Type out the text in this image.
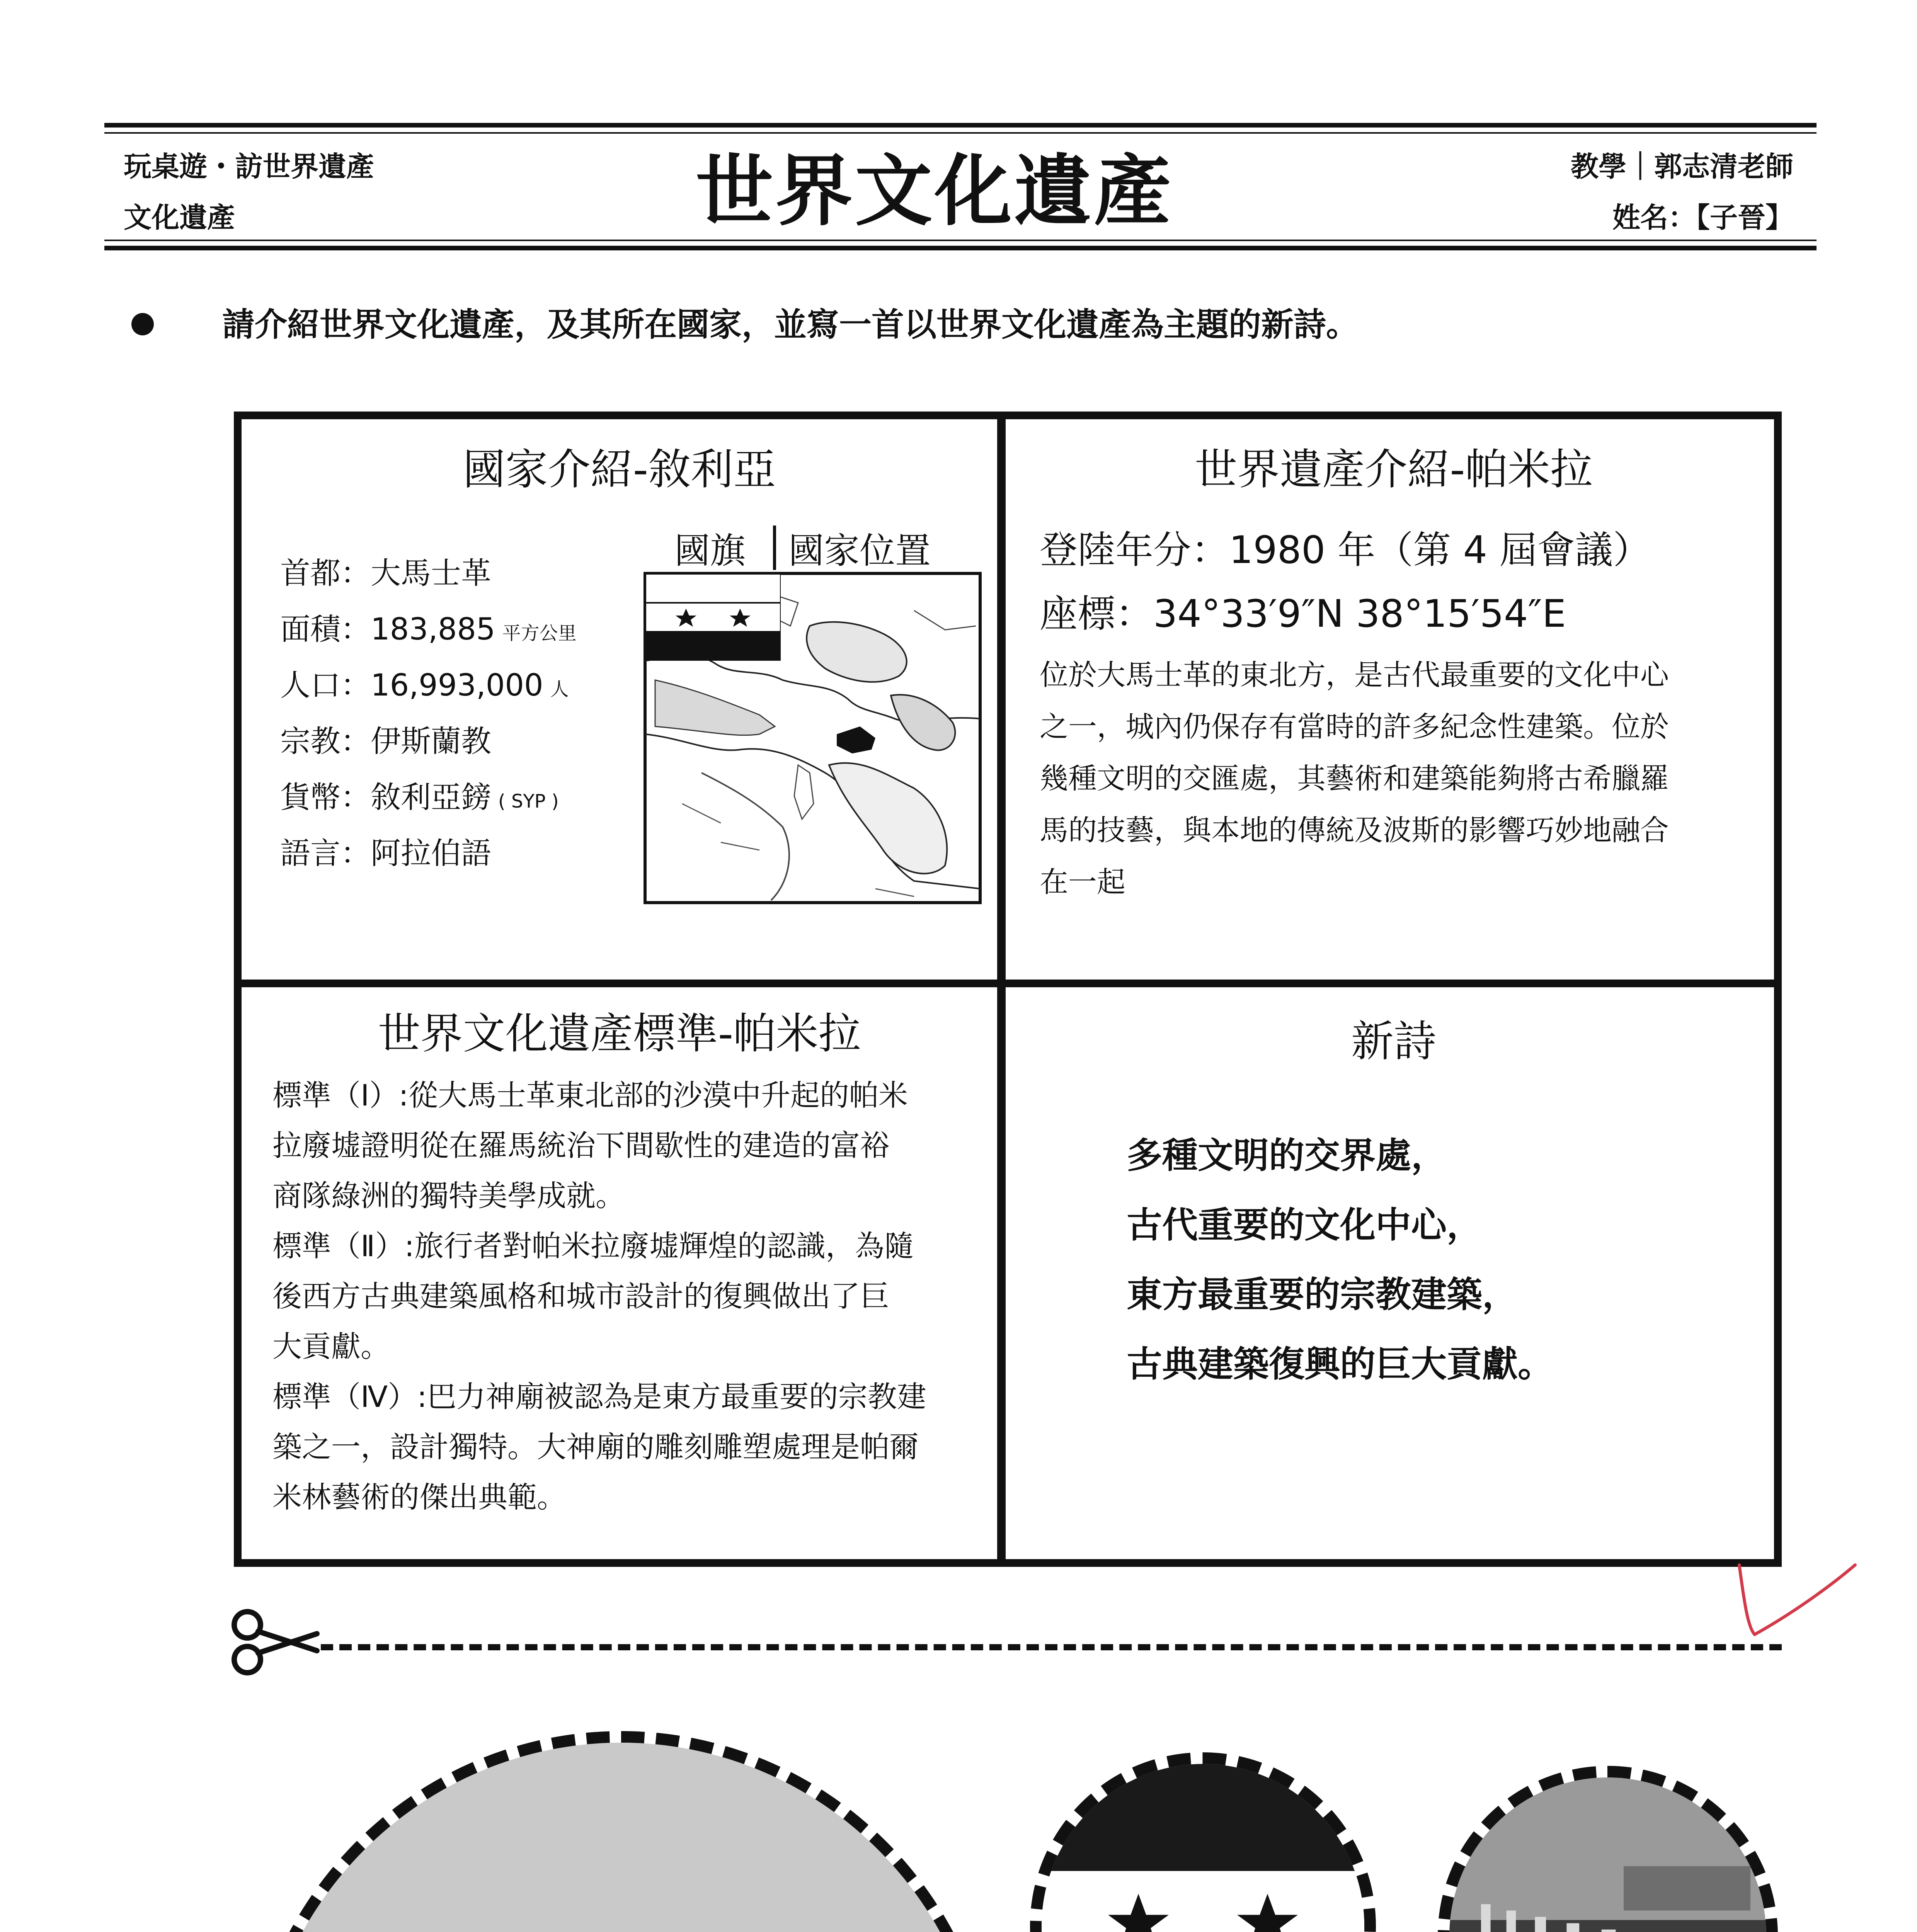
玩桌遊・訪世界遺產
文化遺產	世界文化遺產	教學｜郭志清老師
姓名：【子晉】
請介紹世界文化遺產，及其所在國家，並寫一首以世界文化遺產為主題的新詩。
國家介紹-敘利亞
首都：大馬士革
面積：183,885 平方公里
人口：16,993,000 人
宗教：伊斯蘭教
貨幣：敘利亞鎊 ( SYP )
語言：阿拉伯語
國旗 國家位置
世界遺產介紹-帕米拉
登陸年分：1980 年（第 4 屆會議）
座標：34°33′9″N 38°15′54″E
位於大馬士革的東北方，是古代最重要的文化中心
之一，城內仍保存有當時的許多紀念性建築。位於
幾種文明的交匯處，其藝術和建築能夠將古希臘羅
馬的技藝，與本地的傳統及波斯的影響巧妙地融合
在一起
世界文化遺產標準-帕米拉
標準（Ⅰ）:從大馬士革東北部的沙漠中升起的帕米
拉廢墟證明從在羅馬統治下間歇性的建造的富裕
商隊綠洲的獨特美學成就。
標準（Ⅱ）:旅行者對帕米拉廢墟輝煌的認識，為隨
後西方古典建築風格和城市設計的復興做出了巨
大貢獻。
標準（Ⅳ）:巴力神廟被認為是東方最重要的宗教建
築之一，設計獨特。大神廟的雕刻雕塑處理是帕爾
米林藝術的傑出典範。
新詩
多種文明的交界處，
古代重要的文化中心，
東方最重要的宗教建築，
古典建築復興的巨大貢獻。
